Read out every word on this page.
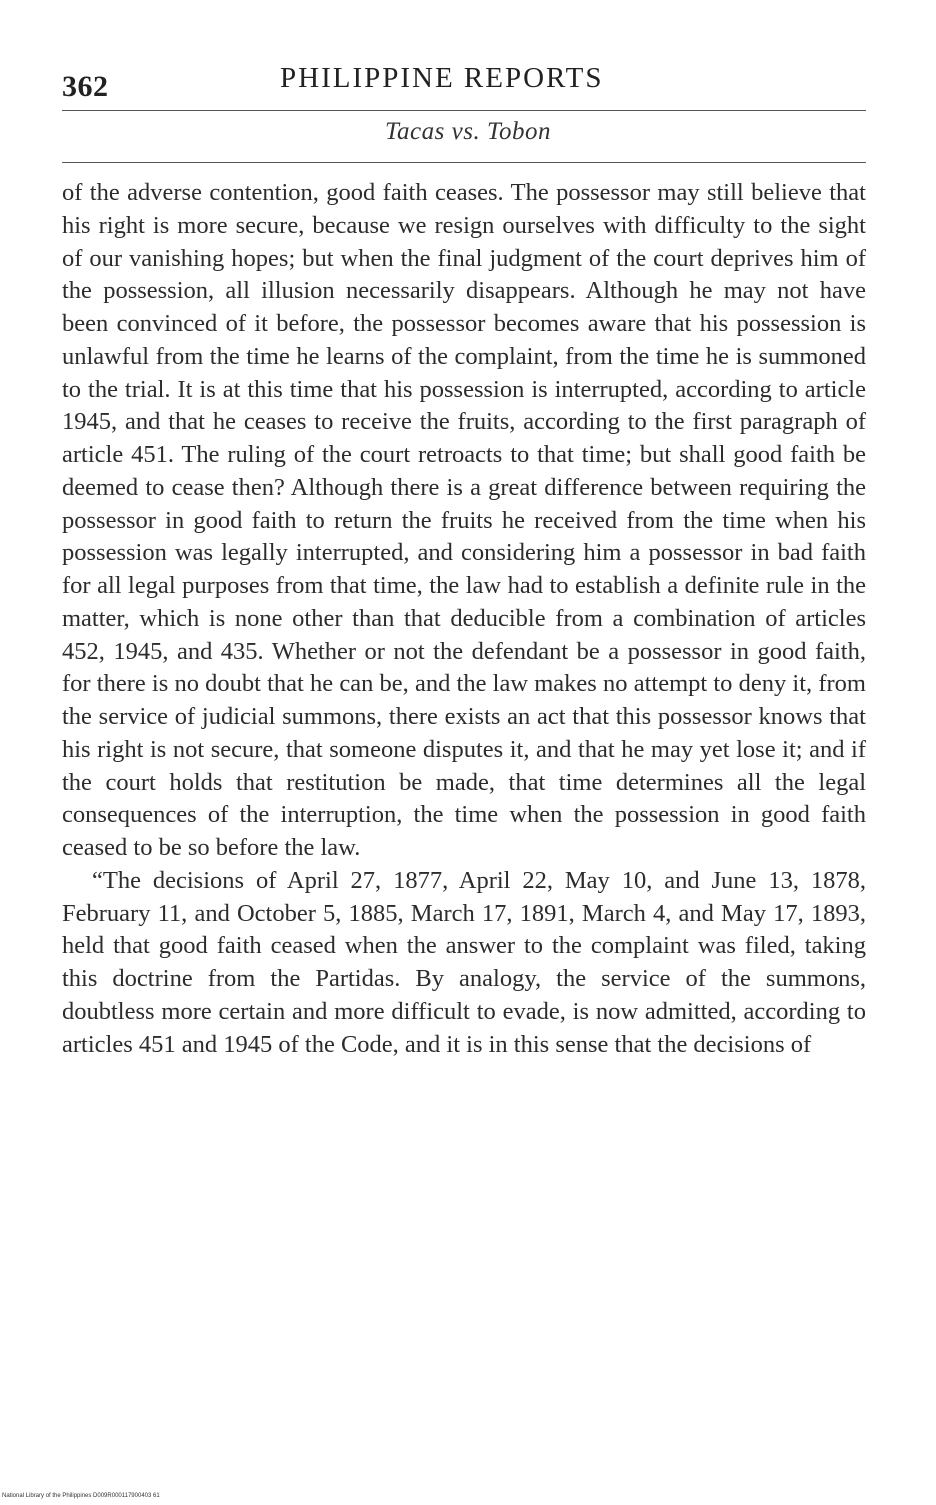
362	PHILIPPINE REPORTS
Tacas vs. Tobon

of the adverse contention, good faith ceases. The possessor may still believe that his right is more secure, because we resign ourselves with difficulty to the sight of our vanishing hopes; but when the final judgment of the court deprives him of the possession, all illusion necessarily disappears. Although he may not have been convinced of it before, the possessor becomes aware that his possession is unlawful from the time he learns of the complaint, from the time he is summoned to the trial. It is at this time that his possession is interrupted, according to article 1945, and that he ceases to receive the fruits, according to the first paragraph of article 451. The ruling of the court retroacts to that time; but shall good faith be deemed to cease then? Although there is a great difference between requiring the possessor in good faith to return the fruits he received from the time when his possession was legally interrupted, and considering him a possessor in bad faith for all legal purposes from that time, the law had to establish a definite rule in the matter, which is none other than that deducible from a combination of articles 452, 1945, and 435. Whether or not the defendant be a possessor in good faith, for there is no doubt that he can be, and the law makes no attempt to deny it, from the service of judicial summons, there exists an act that this possessor knows that his right is not secure, that someone disputes it, and that he may yet lose it; and if the court holds that restitution be made, that time determines all the legal consequences of the interruption, the time when the possession in good faith ceased to be so before the law.

“The decisions of April 27, 1877, April 22, May 10, and June 13, 1878, February 11, and October 5, 1885, March 17, 1891, March 4, and May 17, 1893, held that good faith ceased when the answer to the complaint was filed, taking this doctrine from the Partidas. By analogy, the service of the summons, doubtless more certain and more difficult to evade, is now admitted, according to articles 451 and 1945 of the Code, and it is in this sense that the decisions of

National Library of the Philippines D009R000117900403 61
